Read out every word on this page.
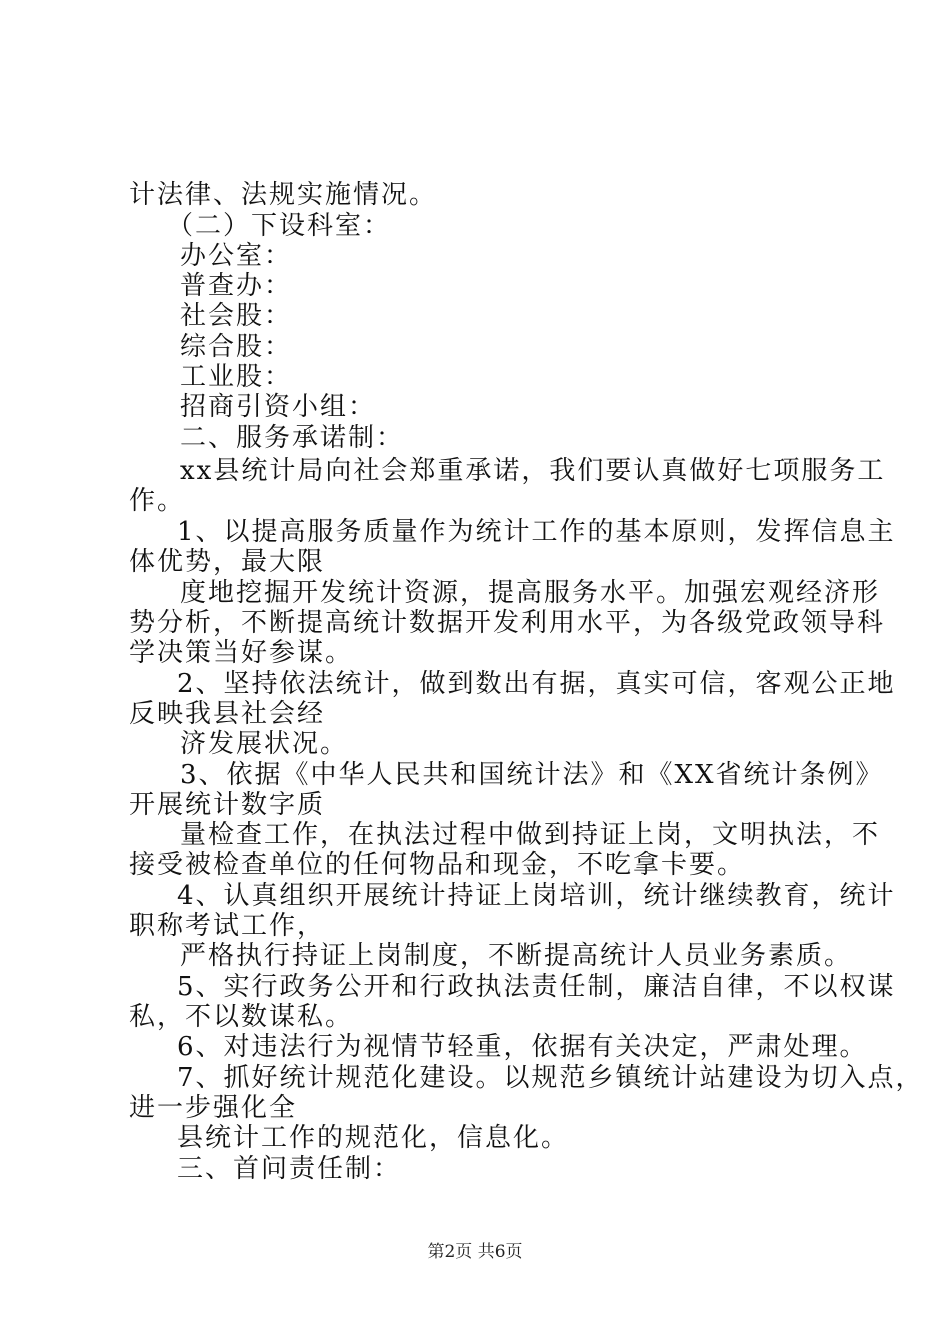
计法律、法规实施情况。
（二）下设科室：
办公室：
普查办：
社会股：
综合股：
工业股：
招商引资小组：
二、服务承诺制：
xx县统计局向社会郑重承诺，我们要认真做好七项服务工
作。
1、以提高服务质量作为统计工作的基本原则，发挥信息主
体优势，最大限
度地挖掘开发统计资源，提高服务水平。加强宏观经济形
势分析，不断提高统计数据开发利用水平，为各级党政领导科
学决策当好参谋。
2、坚持依法统计，做到数出有据，真实可信，客观公正地
反映我县社会经
济发展状况。
3、依据《中华人民共和国统计法》和《XX省统计条例》
开展统计数字质
量检查工作，在执法过程中做到持证上岗，文明执法，不
接受被检查单位的任何物品和现金，不吃拿卡要。
4、认真组织开展统计持证上岗培训，统计继续教育，统计
职称考试工作，
严格执行持证上岗制度，不断提高统计人员业务素质。
5、实行政务公开和行政执法责任制，廉洁自律，不以权谋
私，不以数谋私。
6、对违法行为视情节轻重，依据有关决定，严肃处理。
7、抓好统计规范化建设。以规范乡镇统计站建设为切入点，
进一步强化全
县统计工作的规范化，信息化。
三、首问责任制：
第2页 共6页
